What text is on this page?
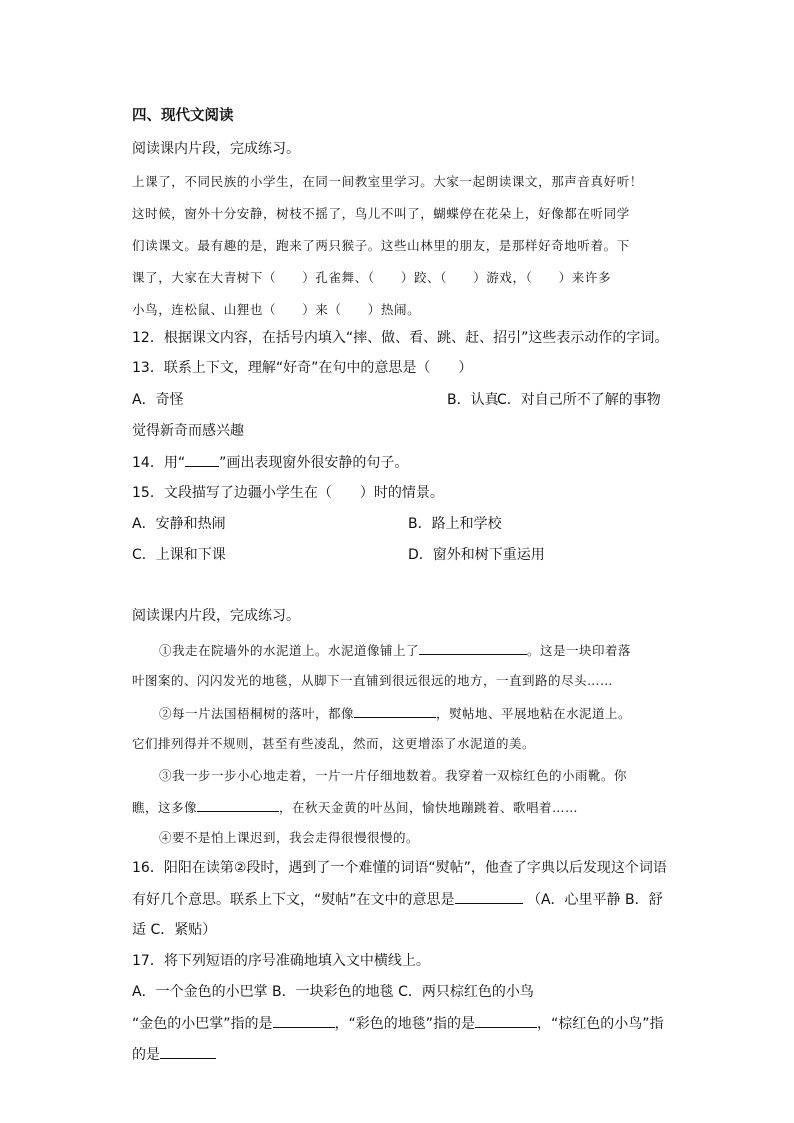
四、现代文阅读
阅读课内片段，完成练习。
上课了，不同民族的小学生，在同一间教室里学习。大家一起朗读课文，那声音真好听！
这时候，窗外十分安静，树枝不摇了，鸟儿不叫了，蝴蝶停在花朵上，好像都在听同学
们读课文。最有趣的是，跑来了两只猴子。这些山林里的朋友，是那样好奇地听着。下
课了，大家在大青树下（　　）孔雀舞、（　　）跤、（　　）游戏，（　　）来许多
小鸟，连松鼠、山狸也（　　）来（　　）热闹。
12．根据课文内容，在括号内填入“摔、做、看、跳、赶、招引”这些表示动作的字词。
13．联系上下文，理解“好奇”在句中的意思是（　　）
A．奇怪	B．认真
C．对自己所不了解的事物
觉得新奇而感兴趣
14．用“ ”画出表现窗外很安静的句子。
15．文段描写了边疆小学生在（　　）时的情景。
A．安静和热闹	B．路上和学校
C．上课和下课	D．窗外和树下重运用
阅读课内片段，完成练习。
①我走在院墙外的水泥道上。水泥道像铺上了	。这是一块印着落
叶图案的、闪闪发光的地毯，从脚下一直铺到很远很远的地方，一直到路的尽头……
②每一片法国梧桐树的落叶，都像	，熨帖地、平展地粘在水泥道上。
它们排列得并不规则，甚至有些凌乱，然而，这更增添了水泥道的美。
③我一步一步小心地走着，一片一片仔细地数着。我穿着一双棕红色的小雨靴。你
瞧，这多像	，在秋天金黄的叶丛间，愉快地蹦跳着、歌唱着……
④要不是怕上课迟到，我会走得很慢很慢的。
16．阳阳在读第②段时，遇到了一个难懂的词语“熨帖”，他查了字典以后发现这个词语
有好几个意思。联系上下文，“熨帖”在文中的意思是	（A．心里平静 B．舒
适 C．紧贴）
17．将下列短语的序号准确地填入文中横线上。
A．一个金色的小巴掌 B．一块彩色的地毯 C．两只棕红色的小鸟
“金色的小巴掌”指的是	，“彩色的地毯”指的是	，“棕红色的小鸟”指
的是
